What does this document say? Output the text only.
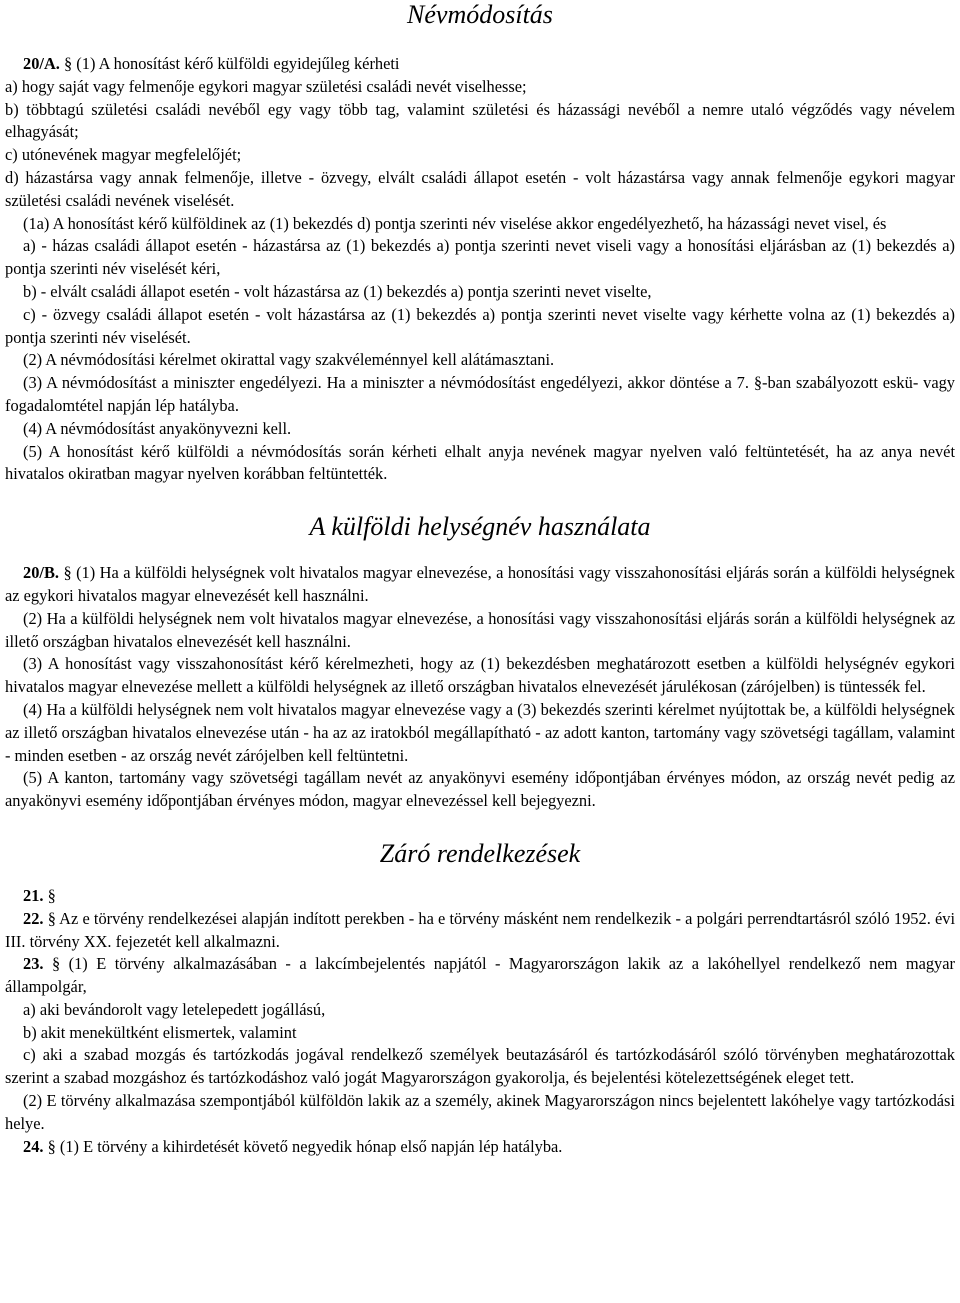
Névmódosítás

20/A. § (1) A honosítást kérő külföldi egyidejűleg kérheti

a) hogy saját vagy felmenője egykori magyar születési családi nevét viselhesse;

b) többtagú születési családi nevéből egy vagy több tag, valamint születési és házassági nevéből a nemre utaló végződés vagy névelem elhagyását;

c) utónevének magyar megfelelőjét;

d) házastársa vagy annak felmenője, illetve - özvegy, elvált családi állapot esetén - volt házastársa vagy annak felmenője egykori magyar születési családi nevének viselését.

(1a) A honosítást kérő külföldinek az (1) bekezdés d) pontja szerinti név viselése akkor engedélyezhető, ha házassági nevet visel, és

a) - házas családi állapot esetén - házastársa az (1) bekezdés a) pontja szerinti nevet viseli vagy a honosítási eljárásban az (1) bekezdés a) pontja szerinti név viselését kéri,

b) - elvált családi állapot esetén - volt házastársa az (1) bekezdés a) pontja szerinti nevet viselte,

c) - özvegy családi állapot esetén - volt házastársa az (1) bekezdés a) pontja szerinti nevet viselte vagy kérhette volna az (1) bekezdés a) pontja szerinti név viselését.

(2) A névmódosítási kérelmet okirattal vagy szakvéleménnyel kell alátámasztani.

(3) A névmódosítást a miniszter engedélyezi. Ha a miniszter a névmódosítást engedélyezi, akkor döntése a 7. §-ban szabályozott eskü- vagy fogadalomtétel napján lép hatályba.

(4) A névmódosítást anyakönyvezni kell.

(5) A honosítást kérő külföldi a névmódosítás során kérheti elhalt anyja nevének magyar nyelven való feltüntetését, ha az anya nevét hivatalos okiratban magyar nyelven korábban feltüntették.

A külföldi helységnév használata

20/B. § (1) Ha a külföldi helységnek volt hivatalos magyar elnevezése, a honosítási vagy visszahonosítási eljárás során a külföldi helységnek az egykori hivatalos magyar elnevezését kell használni.

(2) Ha a külföldi helységnek nem volt hivatalos magyar elnevezése, a honosítási vagy visszahonosítási eljárás során a külföldi helységnek az illető országban hivatalos elnevezését kell használni.

(3) A honosítást vagy visszahonosítást kérő kérelmezheti, hogy az (1) bekezdésben meghatározott esetben a külföldi helységnév egykori hivatalos magyar elnevezése mellett a külföldi helységnek az illető országban hivatalos elnevezését járulékosan (zárójelben) is tüntessék fel.

(4) Ha a külföldi helységnek nem volt hivatalos magyar elnevezése vagy a (3) bekezdés szerinti kérelmet nyújtottak be, a külföldi helységnek az illető országban hivatalos elnevezése után - ha az az iratokból megállapítható - az adott kanton, tartomány vagy szövetségi tagállam, valamint - minden esetben - az ország nevét zárójelben kell feltüntetni.

(5) A kanton, tartomány vagy szövetségi tagállam nevét az anyakönyvi esemény időpontjában érvényes módon, az ország nevét pedig az anyakönyvi esemény időpontjában érvényes módon, magyar elnevezéssel kell bejegyezni.

Záró rendelkezések

21. §

22. § Az e törvény rendelkezései alapján indított perekben - ha e törvény másként nem rendelkezik - a polgári perrendtartásról szóló 1952. évi III. törvény XX. fejezetét kell alkalmazni.

23. § (1) E törvény alkalmazásában - a lakcímbejelentés napjától - Magyarországon lakik az a lakóhellyel rendelkező nem magyar állampolgár,

a) aki bevándorolt vagy letelepedett jogállású,

b) akit menekültként elismertek, valamint

c) aki a szabad mozgás és tartózkodás jogával rendelkező személyek beutazásáról és tartózkodásáról szóló törvényben meghatározottak szerint a szabad mozgáshoz és tartózkodáshoz való jogát Magyarországon gyakorolja, és bejelentési kötelezettségének eleget tett.

(2) E törvény alkalmazása szempontjából külföldön lakik az a személy, akinek Magyarországon nincs bejelentett lakóhelye vagy tartózkodási helye.

24. § (1) E törvény a kihirdetését követő negyedik hónap első napján lép hatályba.
